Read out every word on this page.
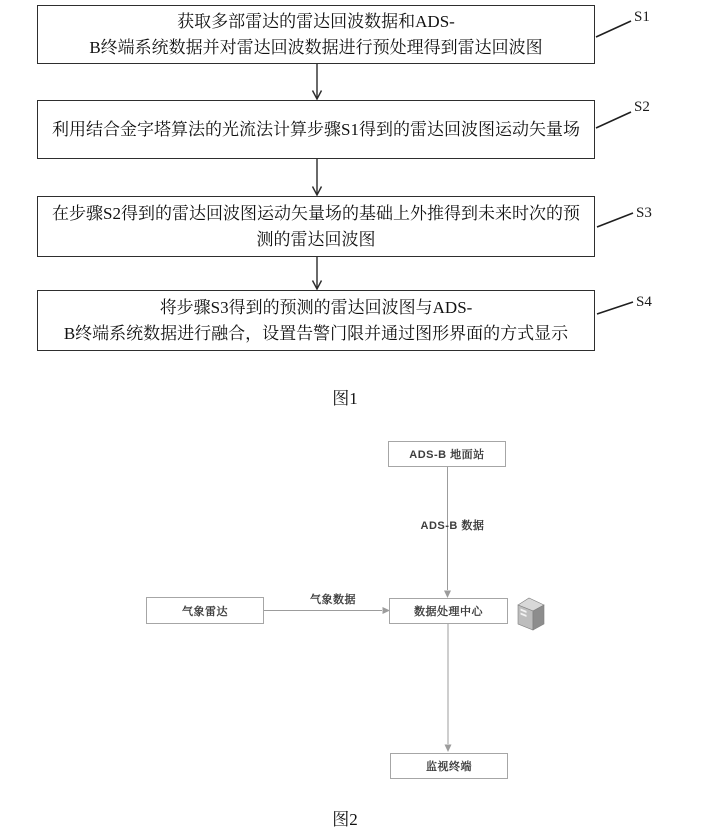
获取多部雷达的雷达回波数据和ADS-
B终端系统数据并对雷达回波数据进行预处理得到雷达回波图
利用结合金字塔算法的光流法计算步骤S1得到的雷达回波图运动矢量场
在步骤S2得到的雷达回波图运动矢量场的基础上外推得到未来时次的预
测的雷达回波图
将步骤S3得到的预测的雷达回波图与ADS-
B终端系统数据进行融合，设置告警门限并通过图形界面的方式显示
S1
S2
S3
S4
图1
ADS-B 地面站
气象雷达	数据处理中心
监视终端
ADS-B 数据
气象数据
图2
